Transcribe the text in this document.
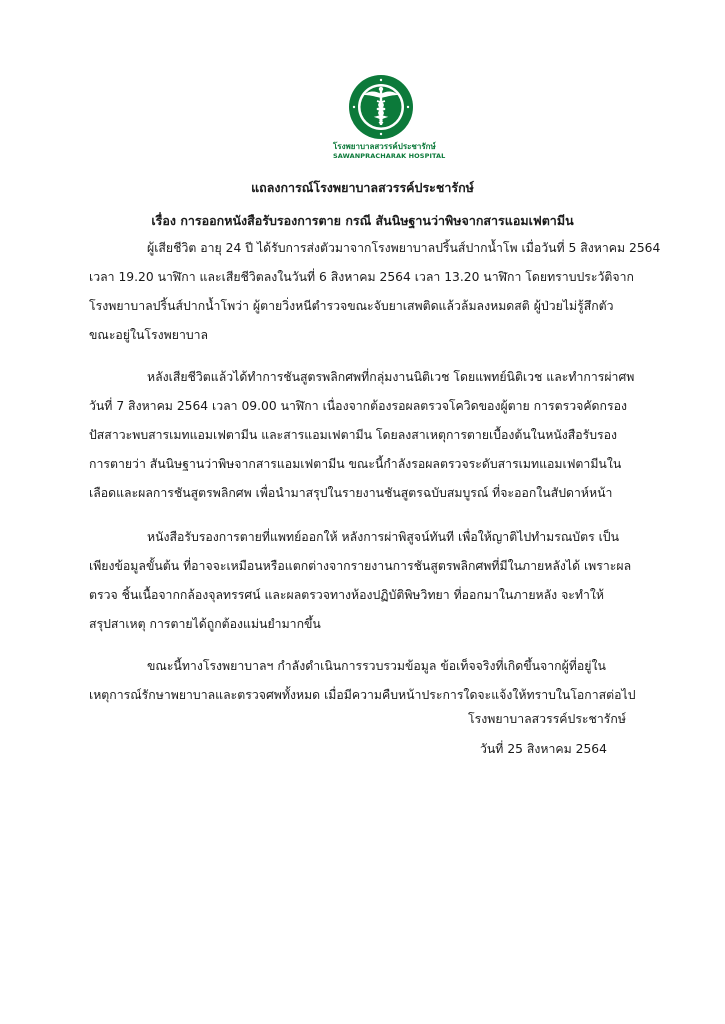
โรงพยาบาลสวรรค์ประชารักษ์
SAWANPRACHARAK HOSPITAL
แถลงการณ์โรงพยาบาลสวรรค์ประชารักษ์
เรื่อง การออกหนังสือรับรองการตาย กรณี สันนิษฐานว่าพิษจากสารแอมเฟตามีน
ผู้เสียชีวิต อายุ 24 ปี ได้รับการส่งตัวมาจากโรงพยาบาลปริ้นส์ปากน้ำโพ เมื่อวันที่ 5 สิงหาคม 2564
เวลา 19.20 นาฬิกา และเสียชีวิตลงในวันที่ 6 สิงหาคม 2564 เวลา 13.20 นาฬิกา โดยทราบประวัติจาก
โรงพยาบาลปริ้นส์ปากน้ำโพว่า ผู้ตายวิ่งหนีตำรวจขณะจับยาเสพติดแล้วล้มลงหมดสติ ผู้ป่วยไม่รู้สึกตัว
ขณะอยู่ในโรงพยาบาล
หลังเสียชีวิตแล้วได้ทำการชันสูตรพลิกศพที่กลุ่มงานนิติเวช โดยแพทย์นิติเวช และทำการผ่าศพ
วันที่ 7 สิงหาคม 2564 เวลา 09.00 นาฬิกา เนื่องจากต้องรอผลตรวจโควิดของผู้ตาย การตรวจคัดกรอง
ปัสสาวะพบสารเมทแอมเฟตามีน และสารแอมเฟตามีน โดยลงสาเหตุการตายเบื้องต้นในหนังสือรับรอง
การตายว่า สันนิษฐานว่าพิษจากสารแอมเฟตามีน ขณะนี้กำลังรอผลตรวจระดับสารเมทแอมเฟตามีนใน
เลือดและผลการชันสูตรพลิกศพ เพื่อนำมาสรุปในรายงานชันสูตรฉบับสมบูรณ์ ที่จะออกในสัปดาห์หน้า
หนังสือรับรองการตายที่แพทย์ออกให้ หลังการผ่าพิสูจน์ทันที เพื่อให้ญาติไปทำมรณบัตร เป็น
เพียงข้อมูลขั้นต้น ที่อาจจะเหมือนหรือแตกต่างจากรายงานการชันสูตรพลิกศพที่มีในภายหลังได้ เพราะผล
ตรวจ ชิ้นเนื้อจากกล้องจุลทรรศน์ และผลตรวจทางห้องปฏิบัติพิษวิทยา ที่ออกมาในภายหลัง จะทำให้
สรุปสาเหตุ การตายได้ถูกต้องแม่นยำมากขึ้น
ขณะนี้ทางโรงพยาบาลฯ กำลังดำเนินการรวบรวมข้อมูล ข้อเท็จจริงที่เกิดขึ้นจากผู้ที่อยู่ใน
เหตุการณ์รักษาพยาบาลและตรวจศพทั้งหมด เมื่อมีความคืบหน้าประการใดจะแจ้งให้ทราบในโอกาสต่อไป
โรงพยาบาลสวรรค์ประชารักษ์
วันที่ 25 สิงหาคม 2564
